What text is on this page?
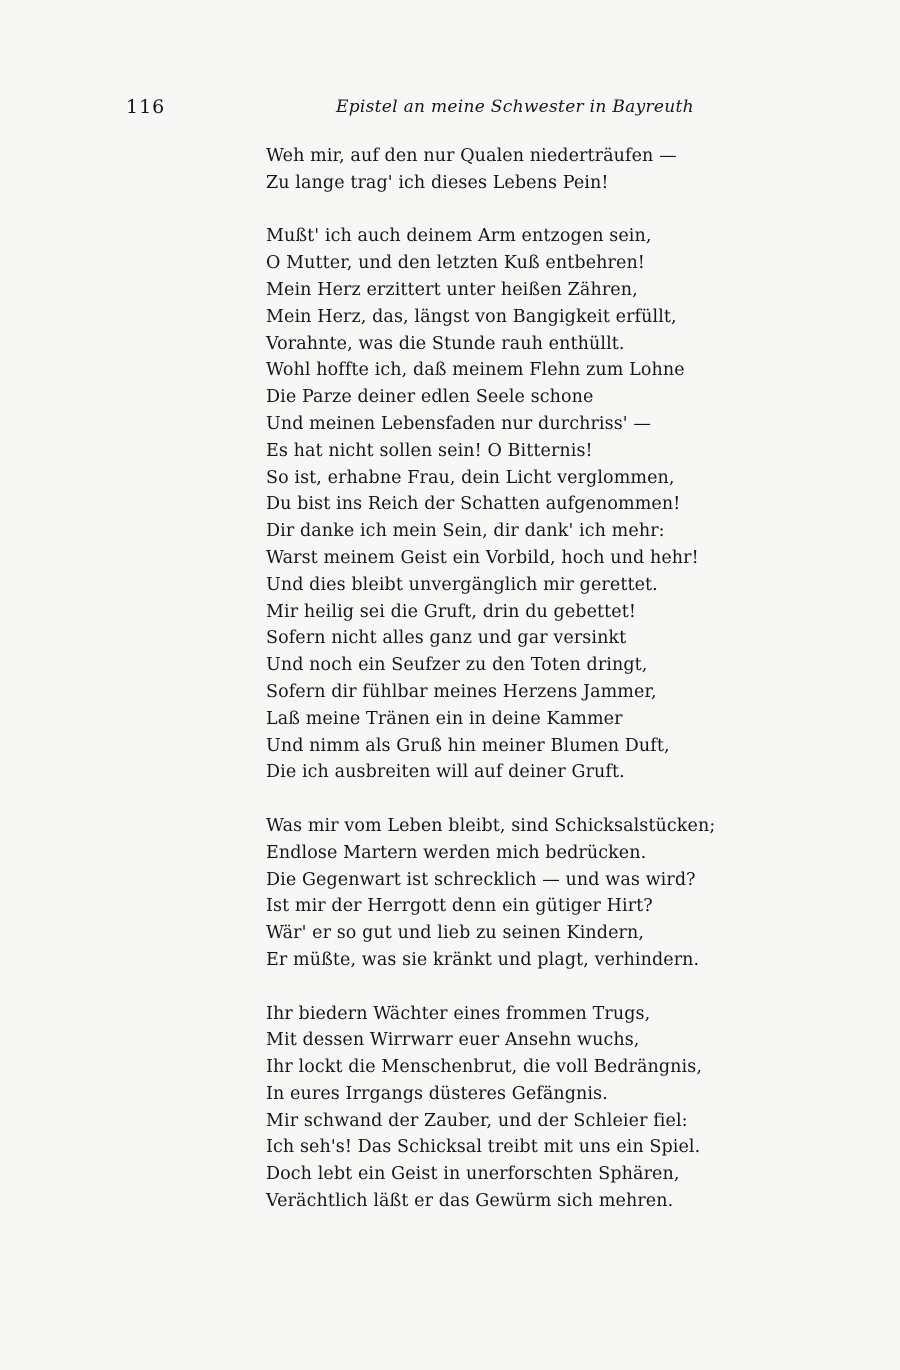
116	Epistel an meine Schwester in Bayreuth
Weh mir, auf den nur Qualen niederträufen —
Zu lange trag' ich dieses Lebens Pein!
Mußt' ich auch deinem Arm entzogen sein,
O Mutter, und den letzten Kuß entbehren!
Mein Herz erzittert unter heißen Zähren,
Mein Herz, das, längst von Bangigkeit erfüllt,
Vorahnte, was die Stunde rauh enthüllt.
Wohl hoffte ich, daß meinem Flehn zum Lohne
Die Parze deiner edlen Seele schone
Und meinen Lebensfaden nur durchriss' —
Es hat nicht sollen sein! O Bitternis!
So ist, erhabne Frau, dein Licht verglommen,
Du bist ins Reich der Schatten aufgenommen!
Dir danke ich mein Sein, dir dank' ich mehr:
Warst meinem Geist ein Vorbild, hoch und hehr!
Und dies bleibt unvergänglich mir gerettet.
Mir heilig sei die Gruft, drin du gebettet!
Sofern nicht alles ganz und gar versinkt
Und noch ein Seufzer zu den Toten dringt,
Sofern dir fühlbar meines Herzens Jammer,
Laß meine Tränen ein in deine Kammer
Und nimm als Gruß hin meiner Blumen Duft,
Die ich ausbreiten will auf deiner Gruft.
Was mir vom Leben bleibt, sind Schicksalstücken;
Endlose Martern werden mich bedrücken.
Die Gegenwart ist schrecklich — und was wird?
Ist mir der Herrgott denn ein gütiger Hirt?
Wär' er so gut und lieb zu seinen Kindern,
Er müßte, was sie kränkt und plagt, verhindern.
Ihr biedern Wächter eines frommen Trugs,
Mit dessen Wirrwarr euer Ansehn wuchs,
Ihr lockt die Menschenbrut, die voll Bedrängnis,
In eures Irrgangs düsteres Gefängnis.
Mir schwand der Zauber, und der Schleier fiel:
Ich seh's! Das Schicksal treibt mit uns ein Spiel.
Doch lebt ein Geist in unerforschten Sphären,
Verächtlich läßt er das Gewürm sich mehren.
